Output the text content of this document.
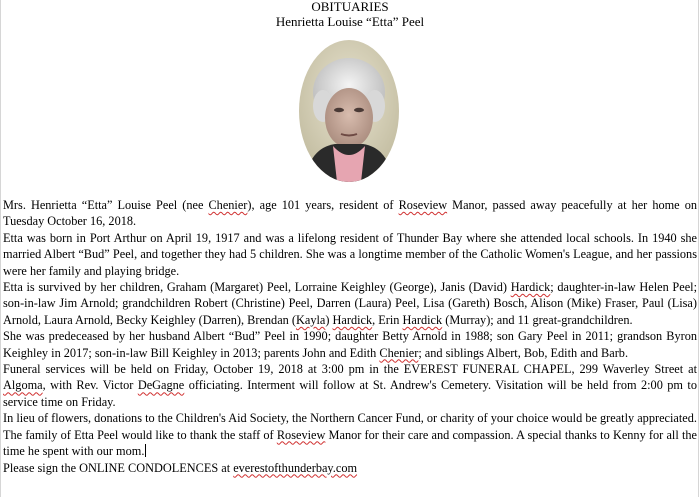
OBITUARIES
Henrietta Louise “Etta” Peel

Mrs. Henrietta “Etta” Louise Peel (nee Chenier), age 101 years, resident of Roseview Manor, passed away peacefully at her home on Tuesday October 16, 2018.

Etta was born in Port Arthur on April 19, 1917 and was a lifelong resident of Thunder Bay where she attended local schools. In 1940 she married Albert “Bud” Peel, and together they had 5 children. She was a longtime member of the Catholic Women's League, and her passions were her family and playing bridge.

Etta is survived by her children, Graham (Margaret) Peel, Lorraine Keighley (George), Janis (David) Hardick; daughter-in-law Helen Peel; son-in-law Jim Arnold; grandchildren Robert (Christine) Peel, Darren (Laura) Peel, Lisa (Gareth) Bosch, Alison (Mike) Fraser, Paul (Lisa) Arnold, Laura Arnold, Becky Keighley (Darren), Brendan (Kayla) Hardick, Erin Hardick (Murray); and 11 great-grandchildren.

She was predeceased by her husband Albert “Bud” Peel in 1990; daughter Betty Arnold in 1988; son Gary Peel in 2011; grandson Byron Keighley in 2017; son-in-law Bill Keighley in 2013; parents John and Edith Chenier; and siblings Albert, Bob, Edith and Barb.

Funeral services will be held on Friday, October 19, 2018 at 3:00 pm in the EVEREST FUNERAL CHAPEL, 299 Waverley Street at Algoma, with Rev. Victor DeGagne officiating. Interment will follow at St. Andrew's Cemetery. Visitation will be held from 2:00 pm to service time on Friday.

In lieu of flowers, donations to the Children's Aid Society, the Northern Cancer Fund, or charity of your choice would be greatly appreciated.

The family of Etta Peel would like to thank the staff of Roseview Manor for their care and compassion. A special thanks to Kenny for all the time he spent with our mom.

Please sign the ONLINE CONDOLENCES at everestofthunderbay.com
